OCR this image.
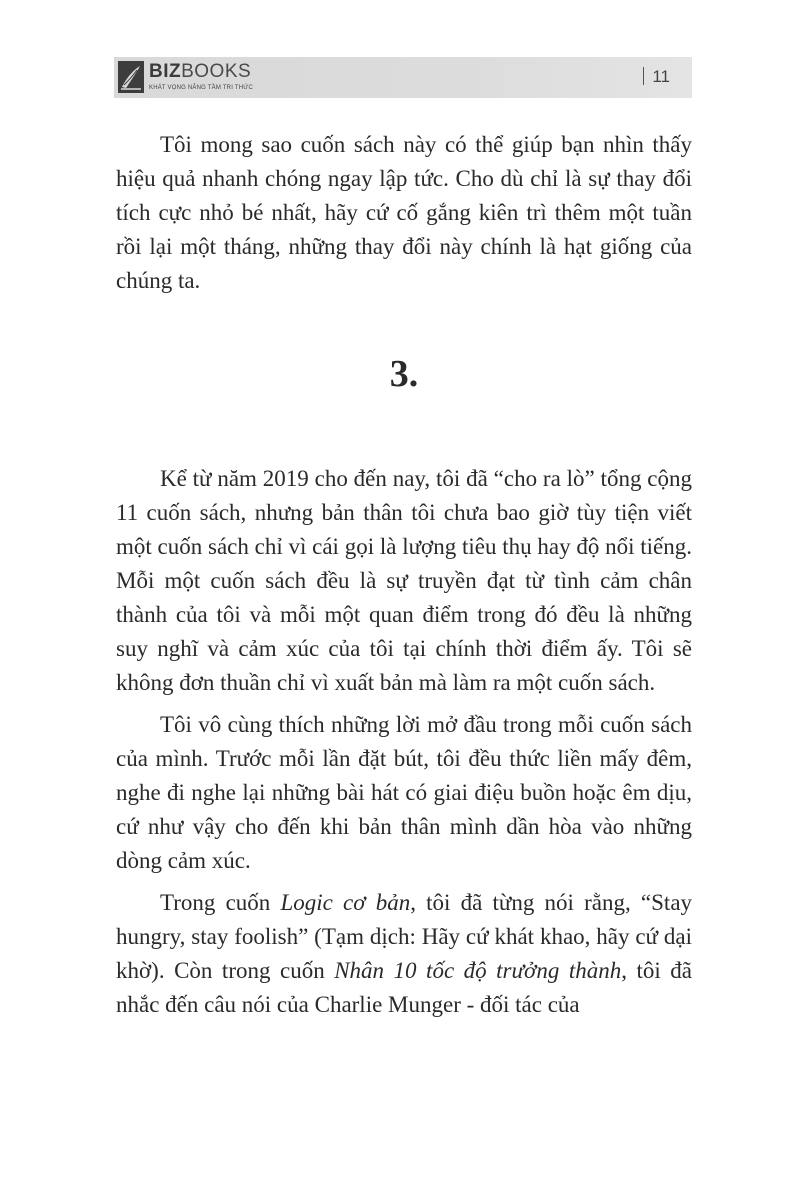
BIZBOOKS
KHÁT VỌNG NÂNG TẦM TRI THỨC
11

Tôi mong sao cuốn sách này có thể giúp bạn nhìn thấy hiệu quả nhanh chóng ngay lập tức. Cho dù chỉ là sự thay đổi tích cực nhỏ bé nhất, hãy cứ cố gắng kiên trì thêm một tuần rồi lại một tháng, những thay đổi này chính là hạt giống của chúng ta.

3.

Kể từ năm 2019 cho đến nay, tôi đã “cho ra lò” tổng cộng 11 cuốn sách, nhưng bản thân tôi chưa bao giờ tùy tiện viết một cuốn sách chỉ vì cái gọi là lượng tiêu thụ hay độ nổi tiếng. Mỗi một cuốn sách đều là sự truyền đạt từ tình cảm chân thành của tôi và mỗi một quan điểm trong đó đều là những suy nghĩ và cảm xúc của tôi tại chính thời điểm ấy. Tôi sẽ không đơn thuần chỉ vì xuất bản mà làm ra một cuốn sách.

Tôi vô cùng thích những lời mở đầu trong mỗi cuốn sách của mình. Trước mỗi lần đặt bút, tôi đều thức liền mấy đêm, nghe đi nghe lại những bài hát có giai điệu buồn hoặc êm dịu, cứ như vậy cho đến khi bản thân mình dần hòa vào những dòng cảm xúc.

Trong cuốn Logic cơ bản, tôi đã từng nói rằng, “Stay hungry, stay foolish” (Tạm dịch: Hãy cứ khát khao, hãy cứ dại khờ). Còn trong cuốn Nhân 10 tốc độ trưởng thành, tôi đã nhắc đến câu nói của Charlie Munger - đối tác của
